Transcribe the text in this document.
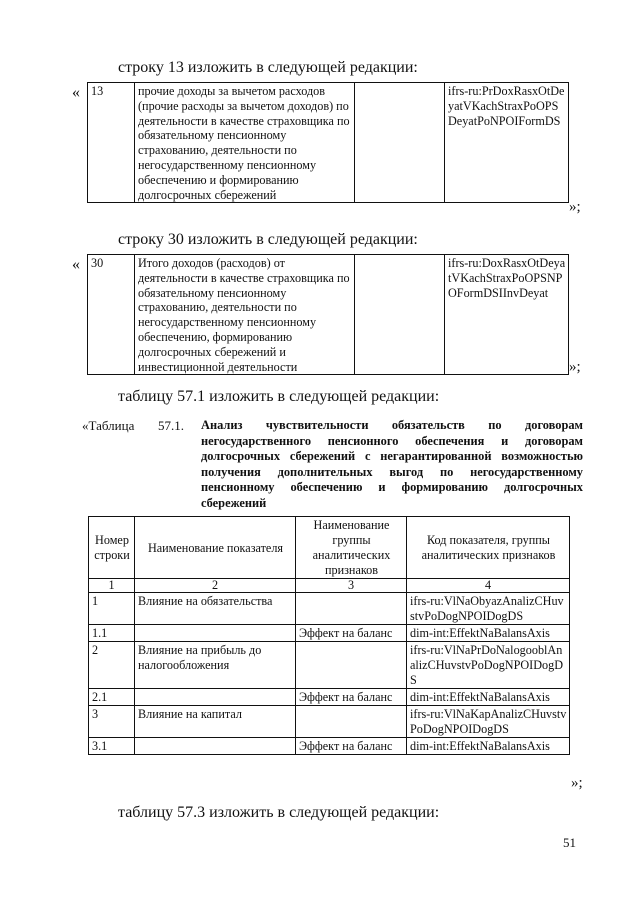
строку 13 изложить в следующей редакции:
« 13	прочие доходы за вычетом расходов (прочие расходы за вычетом доходов) по деятельности в качестве страховщика по обязательному пенсионному страхованию, деятельности по негосударственному пенсионному обеспечению и формированию долгосрочных сбережений		ifrs-ru:PrDoxRasxOtDeyatVKachStraxPoOPSDeyatPoNPOIFormDS
»;
строку 30 изложить в следующей редакции:
« 30	Итого доходов (расходов) от деятельности в качестве страховщика по обязательному пенсионному страхованию, деятельности по негосударственному пенсионному обеспечению, формированию долгосрочных сбережений и инвестиционной деятельности		ifrs-ru:DoxRasxOtDeyatVKachStraxPoOPSNPOFormDSIInvDeyat
»;
таблицу 57.1 изложить в следующей редакции:
«Таблица 57.1. Анализ чувствительности обязательств по договорам негосударственного пенсионного обеспечения и договорам долгосрочных сбережений с негарантированной возможностью получения дополнительных выгод по негосударственному пенсионному обеспечению и формированию долгосрочных сбережений
Номер строки	Наименование показателя	Наименование группы аналитических признаков	Код показателя, группы аналитических признаков
1	2	3	4
1	Влияние на обязательства		ifrs-ru:VlNaObyazAnalizCHuvstvPoDogNPOIDogDS
1.1		Эффект на баланс	dim-int:EffektNaBalansAxis
2	Влияние на прибыль до налогообложения		ifrs-ru:VlNaPrDoNalogooblAnalizCHuvstvPoDogNPOIDogDS
2.1		Эффект на баланс	dim-int:EffektNaBalansAxis
3	Влияние на капитал		ifrs-ru:VlNaKapAnalizCHuvstvPoDogNPOIDogDS
3.1		Эффект на баланс	dim-int:EffektNaBalansAxis
»;
таблицу 57.3 изложить в следующей редакции:
51
